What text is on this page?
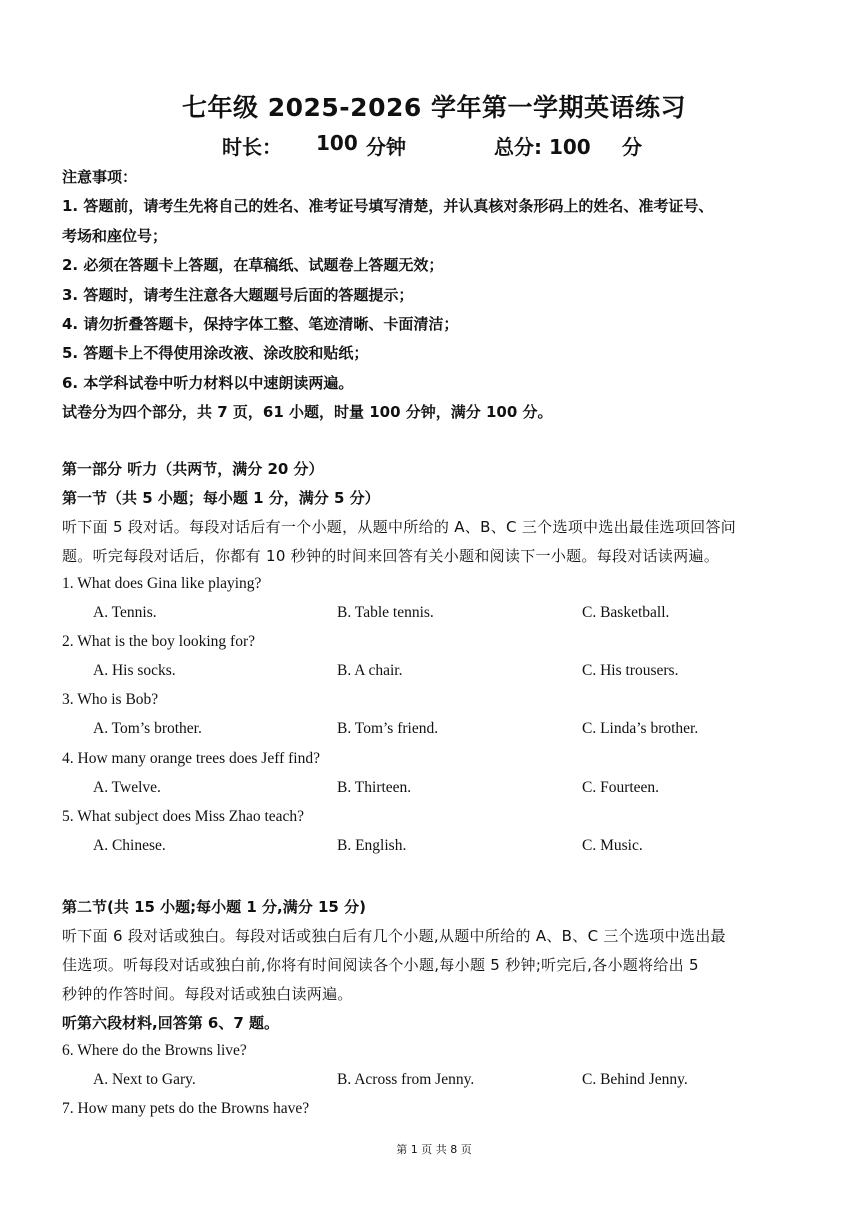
七年级 2025-2026 学年第一学期英语练习
时长： 100 分钟	总分: 100 分
注意事项：
1. 答题前，请考生先将自己的姓名、准考证号填写清楚，并认真核对条形码上的姓名、准考证号、
考场和座位号；
2. 必须在答题卡上答题，在草稿纸、试题卷上答题无效；
3. 答题时，请考生注意各大题题号后面的答题提示；
4. 请勿折叠答题卡，保持字体工整、笔迹清晰、卡面清洁；
5. 答题卡上不得使用涂改液、涂改胶和贴纸；
6. 本学科试卷中听力材料以中速朗读两遍。
试卷分为四个部分，共 7 页，61 小题，时量 100 分钟，满分 100 分。
第一部分 听力（共两节，满分 20 分）
第一节（共 5 小题；每小题 1 分，满分 5 分）
听下面 5 段对话。每段对话后有一个小题，从题中所给的 A、B、C 三个选项中选出最佳选项回答问
题。听完每段对话后，你都有 10 秒钟的时间来回答有关小题和阅读下一小题。每段对话读两遍。
1. What does Gina like playing?
A. Tennis.	B. Table tennis.	C. Basketball.
2. What is the boy looking for?
A. His socks.	B. A chair.	C. His trousers.
3. Who is Bob?
A. Tom’s brother.	B. Tom’s friend.	C. Linda’s brother.
4. How many orange trees does Jeff find?
A. Twelve.	B. Thirteen.	C. Fourteen.
5. What subject does Miss Zhao teach?
A. Chinese.	B. English.	C. Music.
第二节(共 15 小题;每小题 1 分,满分 15 分)
听下面 6 段对话或独白。每段对话或独白后有几个小题,从题中所给的 A、B、C 三个选项中选出最
佳选项。听每段对话或独白前,你将有时间阅读各个小题,每小题 5 秒钟;听完后,各小题将给出 5
秒钟的作答时间。每段对话或独白读两遍。
听第六段材料,回答第 6、7 题。
6. Where do the Browns live?
A. Next to Gary.	B. Across from Jenny.	C. Behind Jenny.
7. How many pets do the Browns have?
第 1 页 共 8 页
